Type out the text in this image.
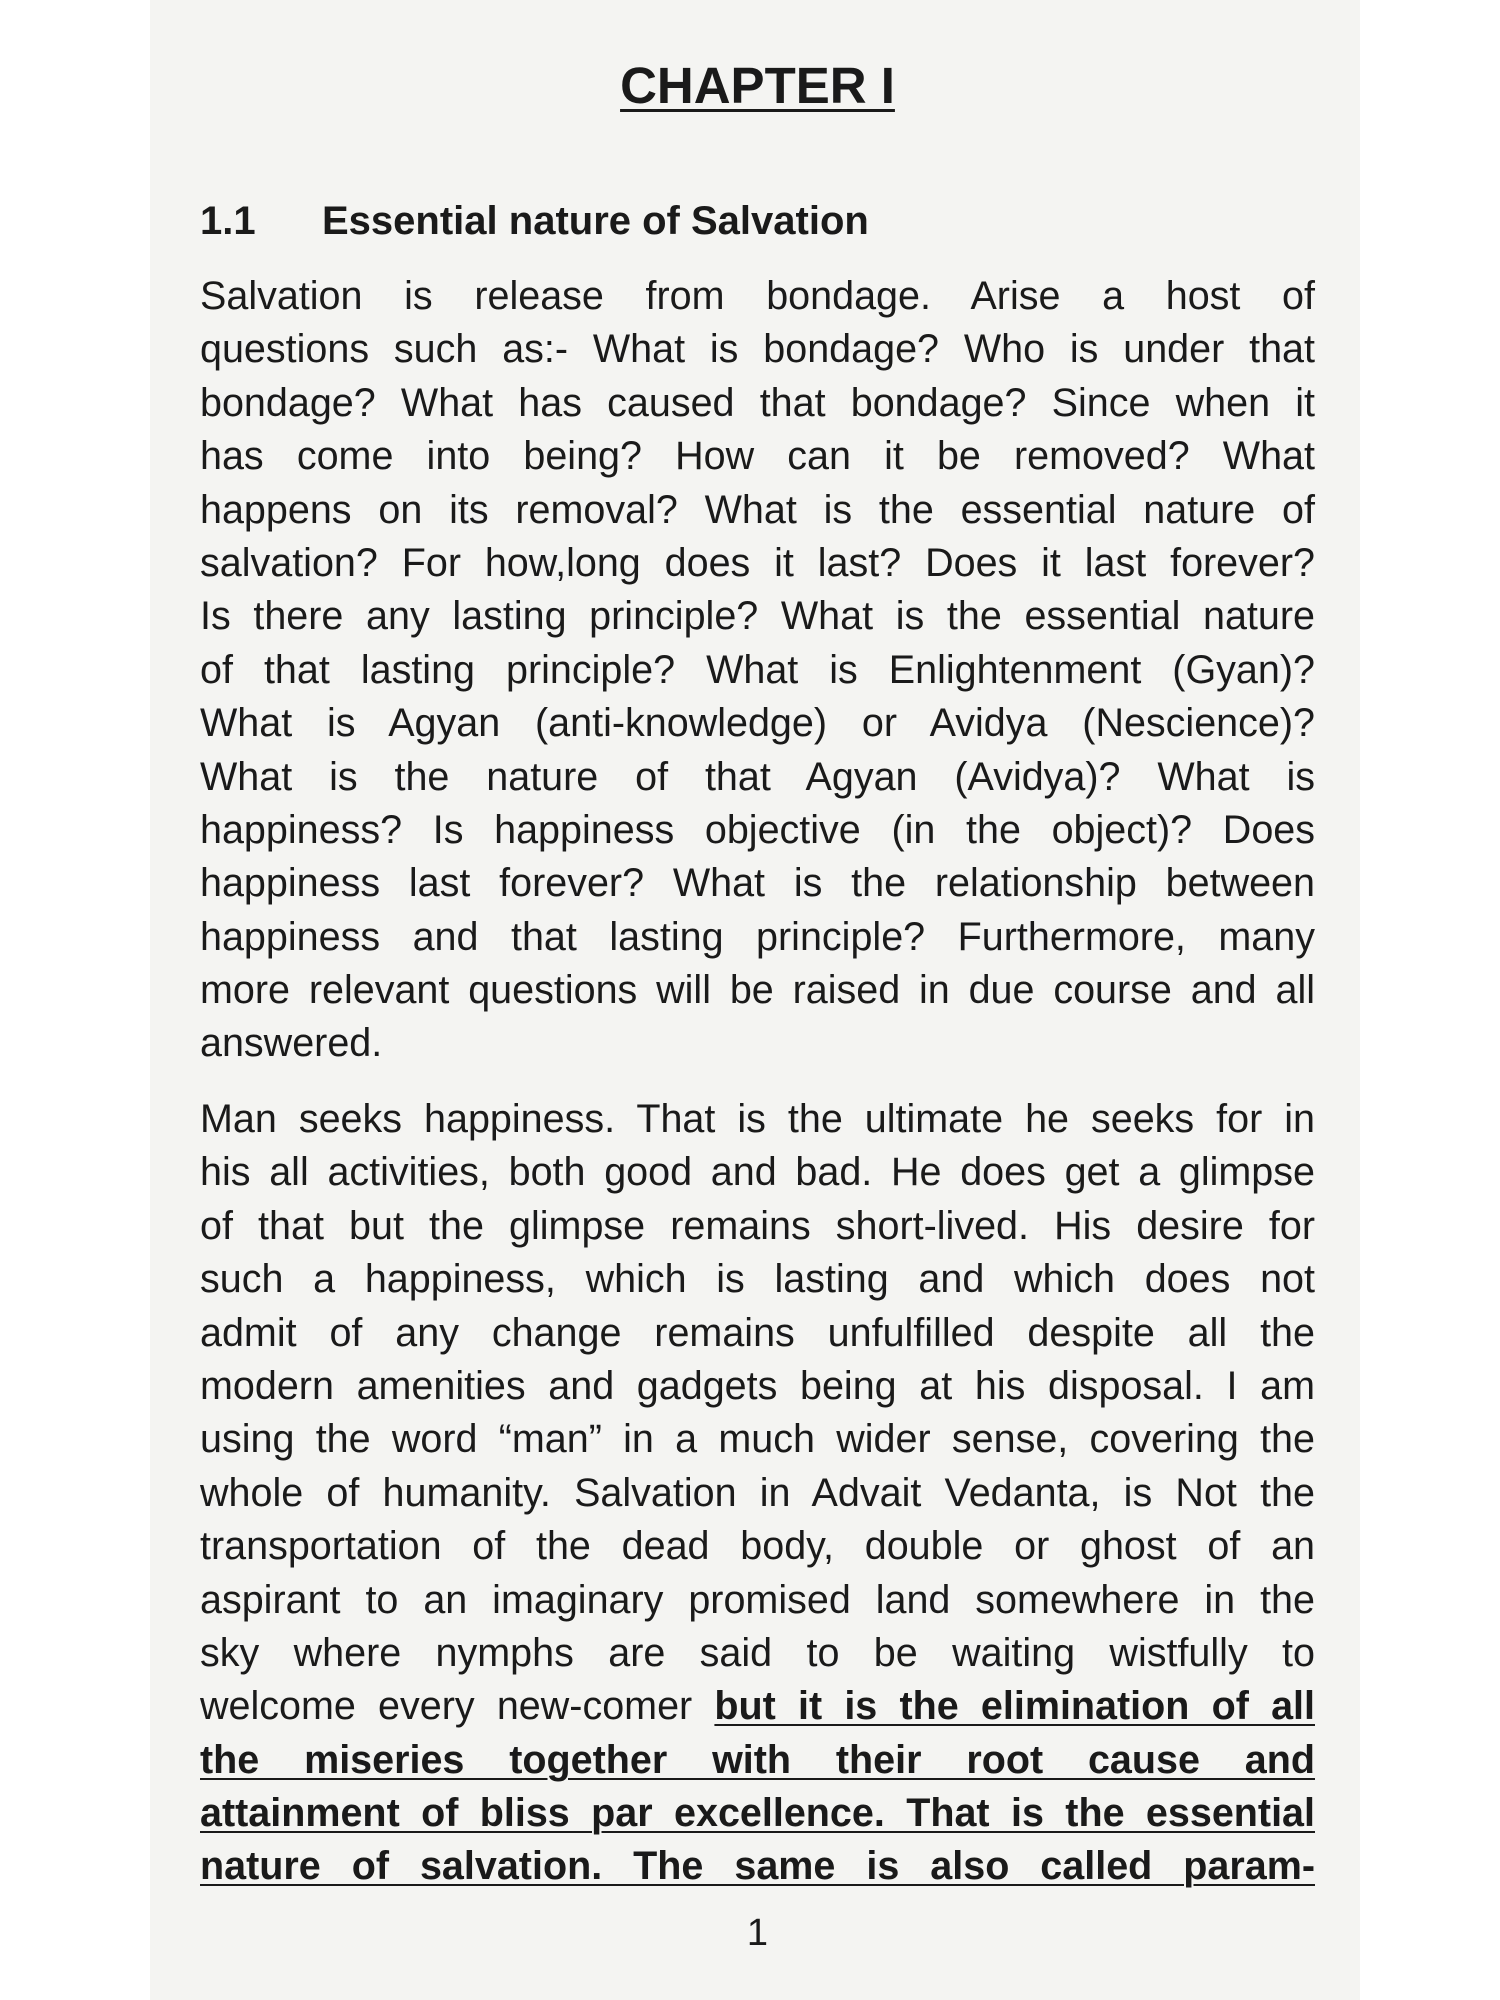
CHAPTER I
1.1 Essential nature of Salvation
Salvation is release from bondage. Arise a host of
questions such as:- What is bondage? Who is under that
bondage? What has caused that bondage? Since when it
has come into being? How can it be removed? What
happens on its removal? What is the essential nature of
salvation? For how,long does it last? Does it last forever?
Is there any lasting principle? What is the essential nature
of that lasting principle? What is Enlightenment (Gyan)?
What is Agyan (anti-knowledge) or Avidya (Nescience)?
What is the nature of that Agyan (Avidya)? What is
happiness? Is happiness objective (in the object)? Does
happiness last forever? What is the relationship between
happiness and that lasting principle? Furthermore, many
more relevant questions will be raised in due course and all
answered.
Man seeks happiness. That is the ultimate he seeks for in
his all activities, both good and bad. He does get a glimpse
of that but the glimpse remains short-lived. His desire for
such a happiness, which is lasting and which does not
admit of any change remains unfulfilled despite all the
modern amenities and gadgets being at his disposal. I am
using the word “man” in a much wider sense, covering the
whole of humanity. Salvation in Advait Vedanta, is Not the
transportation of the dead body, double or ghost of an
aspirant to an imaginary promised land somewhere in the
sky where nymphs are said to be waiting wistfully to
welcome every new-comer but it is the elimination of all
the miseries together with their root cause and
attainment of bliss par excellence. That is the essential
nature of salvation. The same is also called param-
1
